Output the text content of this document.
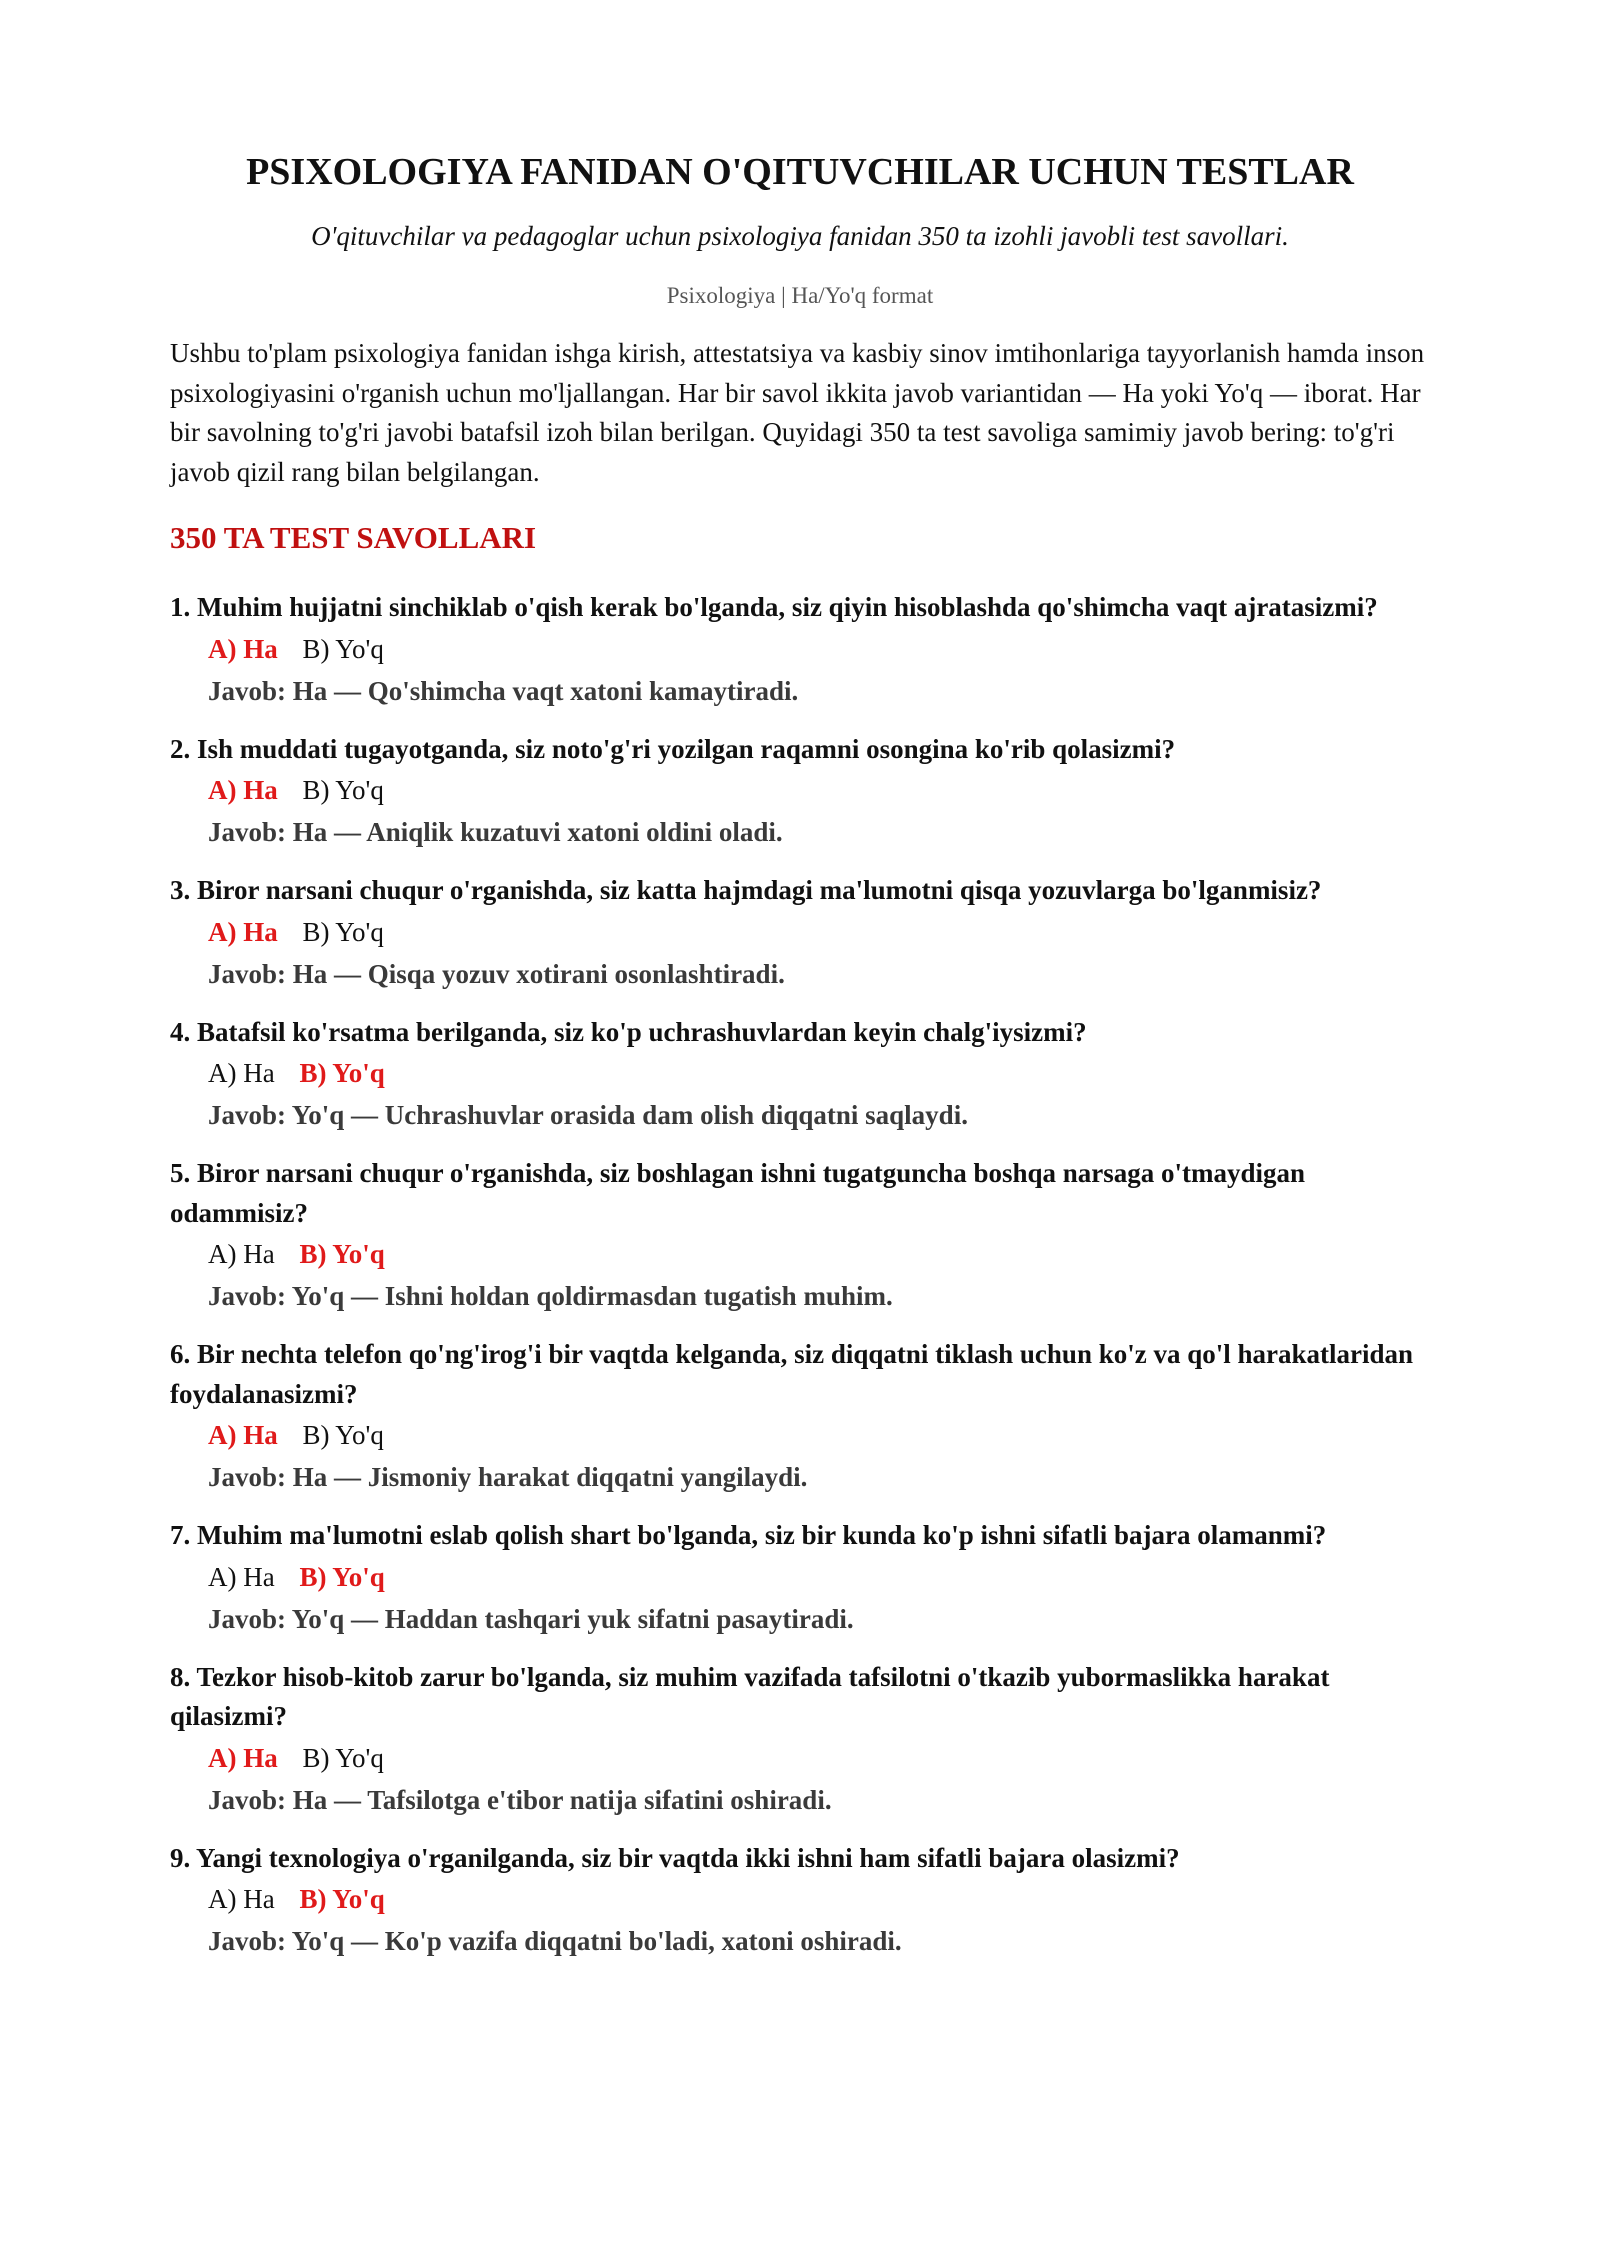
PSIXOLOGIYA FANIDAN O'QITUVCHILAR UCHUN TESTLAR
O'qituvchilar va pedagoglar uchun psixologiya fanidan 350 ta izohli javobli test savollari.
Psixologiya | Ha/Yo'q format

Ushbu to'plam psixologiya fanidan ishga kirish, attestatsiya va kasbiy sinov imtihonlariga tayyorlanish hamda inson psixologiyasini o'rganish uchun mo'ljallangan. Har bir savol ikkita javob variantidan — Ha yoki Yo'q — iborat. Har bir savolning to'g'ri javobi batafsil izoh bilan berilgan. Quyidagi 350 ta test savoliga samimiy javob bering: to'g'ri javob qizil rang bilan belgilangan.

350 TA TEST SAVOLLARI
1. Muhim hujjatni sinchiklab o'qish kerak bo'lganda, siz qiyin hisoblashda qo'shimcha vaqt ajratasizmi?
A) Ha B) Yo'q
Javob: Ha — Qo'shimcha vaqt xatoni kamaytiradi.
2. Ish muddati tugayotganda, siz noto'g'ri yozilgan raqamni osongina ko'rib qolasizmi?
A) Ha B) Yo'q
Javob: Ha — Aniqlik kuzatuvi xatoni oldini oladi.
3. Biror narsani chuqur o'rganishda, siz katta hajmdagi ma'lumotni qisqa yozuvlarga bo'lganmisiz?
A) Ha B) Yo'q
Javob: Ha — Qisqa yozuv xotirani osonlashtiradi.
4. Batafsil ko'rsatma berilganda, siz ko'p uchrashuvlardan keyin chalg'iysizmi?
A) Ha B) Yo'q
Javob: Yo'q — Uchrashuvlar orasida dam olish diqqatni saqlaydi.
5. Biror narsani chuqur o'rganishda, siz boshlagan ishni tugatguncha boshqa narsaga o'tmaydigan odammisiz?
A) Ha B) Yo'q
Javob: Yo'q — Ishni holdan qoldirmasdan tugatish muhim.
6. Bir nechta telefon qo'ng'irog'i bir vaqtda kelganda, siz diqqatni tiklash uchun ko'z va qo'l harakatlaridan foydalanasizmi?
A) Ha B) Yo'q
Javob: Ha — Jismoniy harakat diqqatni yangilaydi.
7. Muhim ma'lumotni eslab qolish shart bo'lganda, siz bir kunda ko'p ishni sifatli bajara olamanmi?
A) Ha B) Yo'q
Javob: Yo'q — Haddan tashqari yuk sifatni pasaytiradi.
8. Tezkor hisob-kitob zarur bo'lganda, siz muhim vazifada tafsilotni o'tkazib yubormaslikka harakat qilasizmi?
A) Ha B) Yo'q
Javob: Ha — Tafsilotga e'tibor natija sifatini oshiradi.
9. Yangi texnologiya o'rganilganda, siz bir vaqtda ikki ishni ham sifatli bajara olasizmi?
A) Ha B) Yo'q
Javob: Yo'q — Ko'p vazifa diqqatni bo'ladi, xatoni oshiradi.
